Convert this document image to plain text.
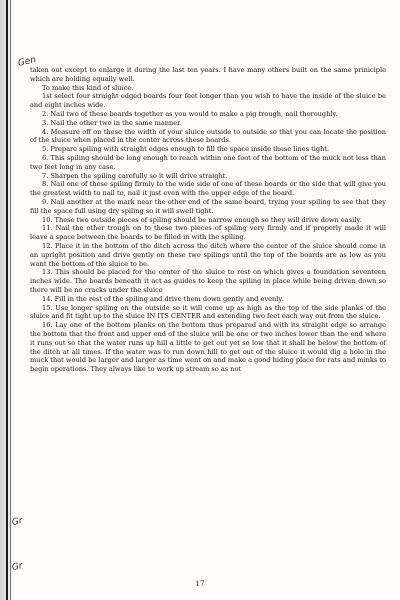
Gen
Gr
Gr

taken out except to enlarge it during the last ten years. I have many others built on the same priniciple which are holding equally well.

To make this kind of sluice.

1st select four straight edged boards four feet longer than you wish to have the inside of the sluice be and eight inches wide.

2. Nail two of these boards together as you would to make a pig trough, nail thoroughly.

3. Nail the other two in the same manner.

4. Measure off on these the width of your sluice outside to outside so that you can locate the position of the sluice when placed in the center across these boards.

5. Prepare spiling with straight edges enough to fill the space inside these lines tight.

6. This spiling should be long enough to reach within one foot of the bottom of the muck not less than two feet long in any case.

7. Sharpen the spiling carefully so it will drive straight.

8. Nail one of these spiling firmly to the wide side of one of these boards or the side that will give you the greatest width to nail to, nail it just even with the upper edge of the board.

9. Nail another at the mark near the other end of the same board, trying your spiling to see that they fill the space full using dry spiling so it will swell tight.

10. These two outside pieces of spiling should be narrow enough so they will drive down easily.

11. Nail the other trough on to these two pieces of spiling very firmly and if properly made it will leave a space between the boards to be filled in with the spiling.

12. Place it in the bottom of the ditch across the ditch where the center of the sluice should come in an upright position and drive gently on these two spilings until the top of the boards are as low as you want the bottom of the sluice to be.

13. This should be placed for the center of the sluice to rest on which gives a foundation seventeen inches wide. The boards beneath it act as guides to keep the spiling in place while being driven down so there will be no cracks under the sluice

14. Fill in the rest of the spiling and drive them down gently and evenly.

15. Use longer spiling on the outside so it will come up as high as the top of the side planks of the sluice and fit tight up to the sluice IN ITS CENTER and extending two feet each way out from the sluice.

16. Lay one of the bottom planks on the bottom thus prepared and with its straight edge so arrange the bottom that the front and upper end of the sluice will be one or two inches lower than the end where it runs out so that the water runs up hill a little to get out yet so low that it shall be below the bottom of the ditch at all times. If the water was to run down hill to get out of the sluice it would dig a hole in the muck that would be larger and larger as time went on and make a good hiding place for rats and minks to begin operations. They always like to work up stream so as not

17
